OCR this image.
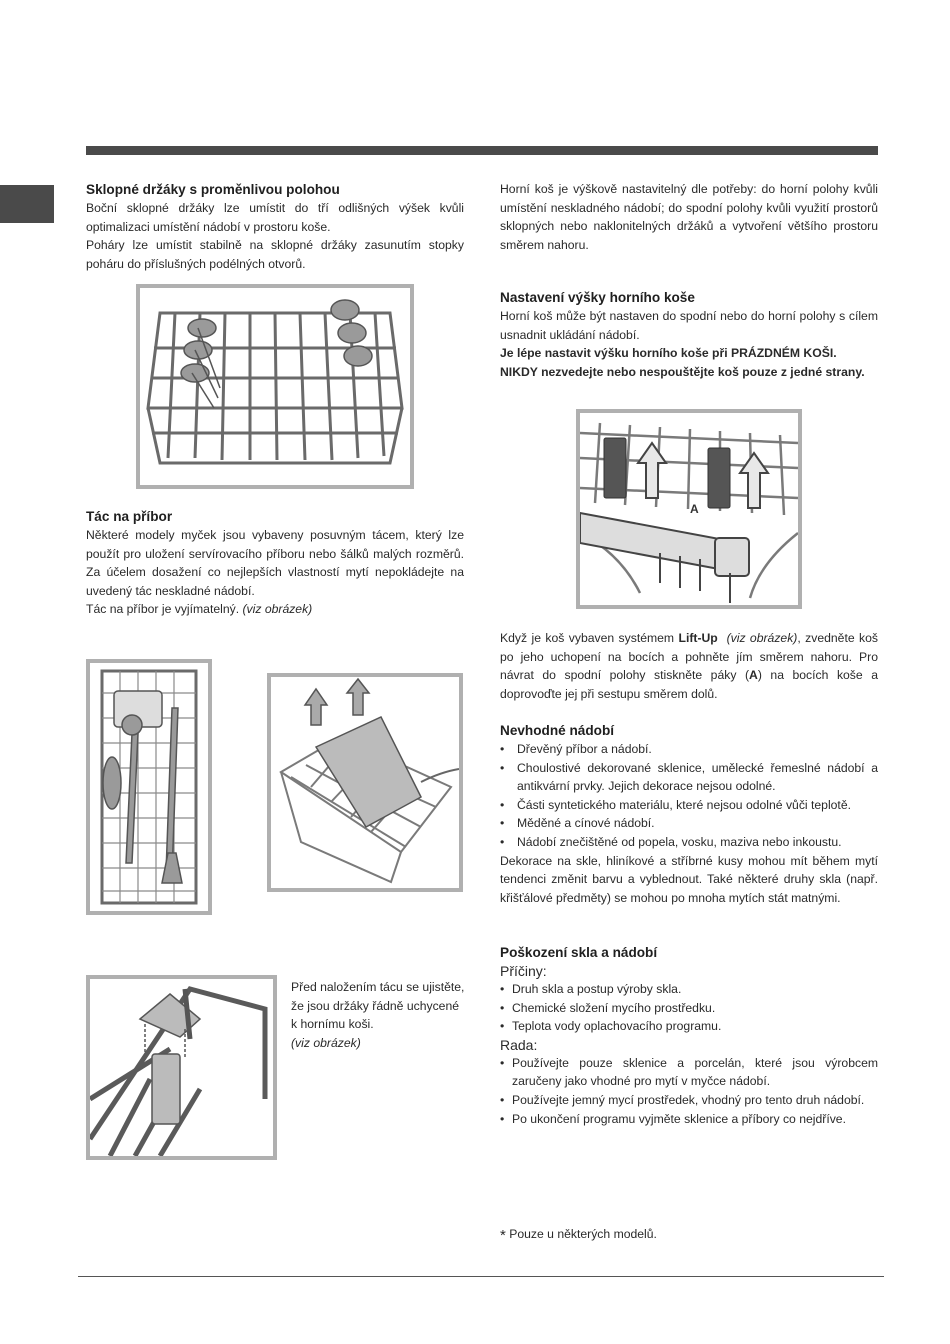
Sklopné držáky s proměnlivou polohou

Boční sklopné držáky lze umístit do tří odlišných výšek kvůli optimalizaci umístění nádobí v prostoru koše.

Poháry lze umístit stabilně na sklopné držáky zasunutím stopky poháru do příslušných podélných otvorů.

Tác na příbor

Některé modely myček jsou vybaveny posuvným tácem, který lze použít pro uložení servírovacího příboru nebo šálků malých rozměrů. Za účelem dosažení co nejlepších vlastností mytí nepokládejte na uvedený tác neskladné nádobí.

Tác na příbor je vyjímatelný. (viz obrázek)

Před naložením tácu se ujistěte, že jsou držáky řádně uchycené k hornímu koši.
(viz obrázek)

Horní koš je výškově nastavitelný dle potřeby: do horní polohy kvůli umístění neskladného nádobí; do spodní polohy kvůli využití prostorů sklopných nebo naklonitelných držáků a vytvoření většího prostoru směrem nahoru.

Nastavení výšky horního koše

Horní koš může být nastaven do spodní nebo do horní polohy s cílem usnadnit ukládání nádobí.

Je lépe nastavit výšku horního koše při PRÁZDNÉM KOŠI.

NIKDY nezvedejte nebo nespouštějte koš pouze z jedné strany.

A

Když je koš vybaven systémem Lift-Up (viz obrázek), zvedněte koš po jeho uchopení na bocích a pohněte jím směrem nahoru. Pro návrat do spodní polohy stiskněte páky (A) na bocích koše a doprovoďte jej při sestupu směrem dolů.

Nevhodné nádobí
• Dřevěný příbor a nádobí.
• Choulostivé dekorované sklenice, umělecké řemeslné nádobí a antikvární prvky. Jejich dekorace nejsou odolné.
• Části syntetického materiálu, které nejsou odolné vůči teplotě.
• Měděné a cínové nádobí.
• Nádobí znečištěné od popela, vosku, maziva nebo inkoustu.

Dekorace na skle, hliníkové a stříbrné kusy mohou mít během mytí tendenci změnit barvu a vyblednout. Také některé druhy skla (např. křišťálové předměty) se mohou po mnoha mytích stát matnými.

Poškození skla a nádobí
Příčiny:
• Druh skla a postup výroby skla.
• Chemické složení mycího prostředku.
• Teplota vody oplachovacího programu.
Rada:
• Používejte pouze sklenice a porcelán, které jsou výrobcem zaručeny jako vhodné pro mytí v myčce nádobí.
• Používejte jemný mycí prostředek, vhodný pro tento druh nádobí.
• Po ukončení programu vyjměte sklenice a příbory co nejdříve.
* Pouze u některých modelů.
